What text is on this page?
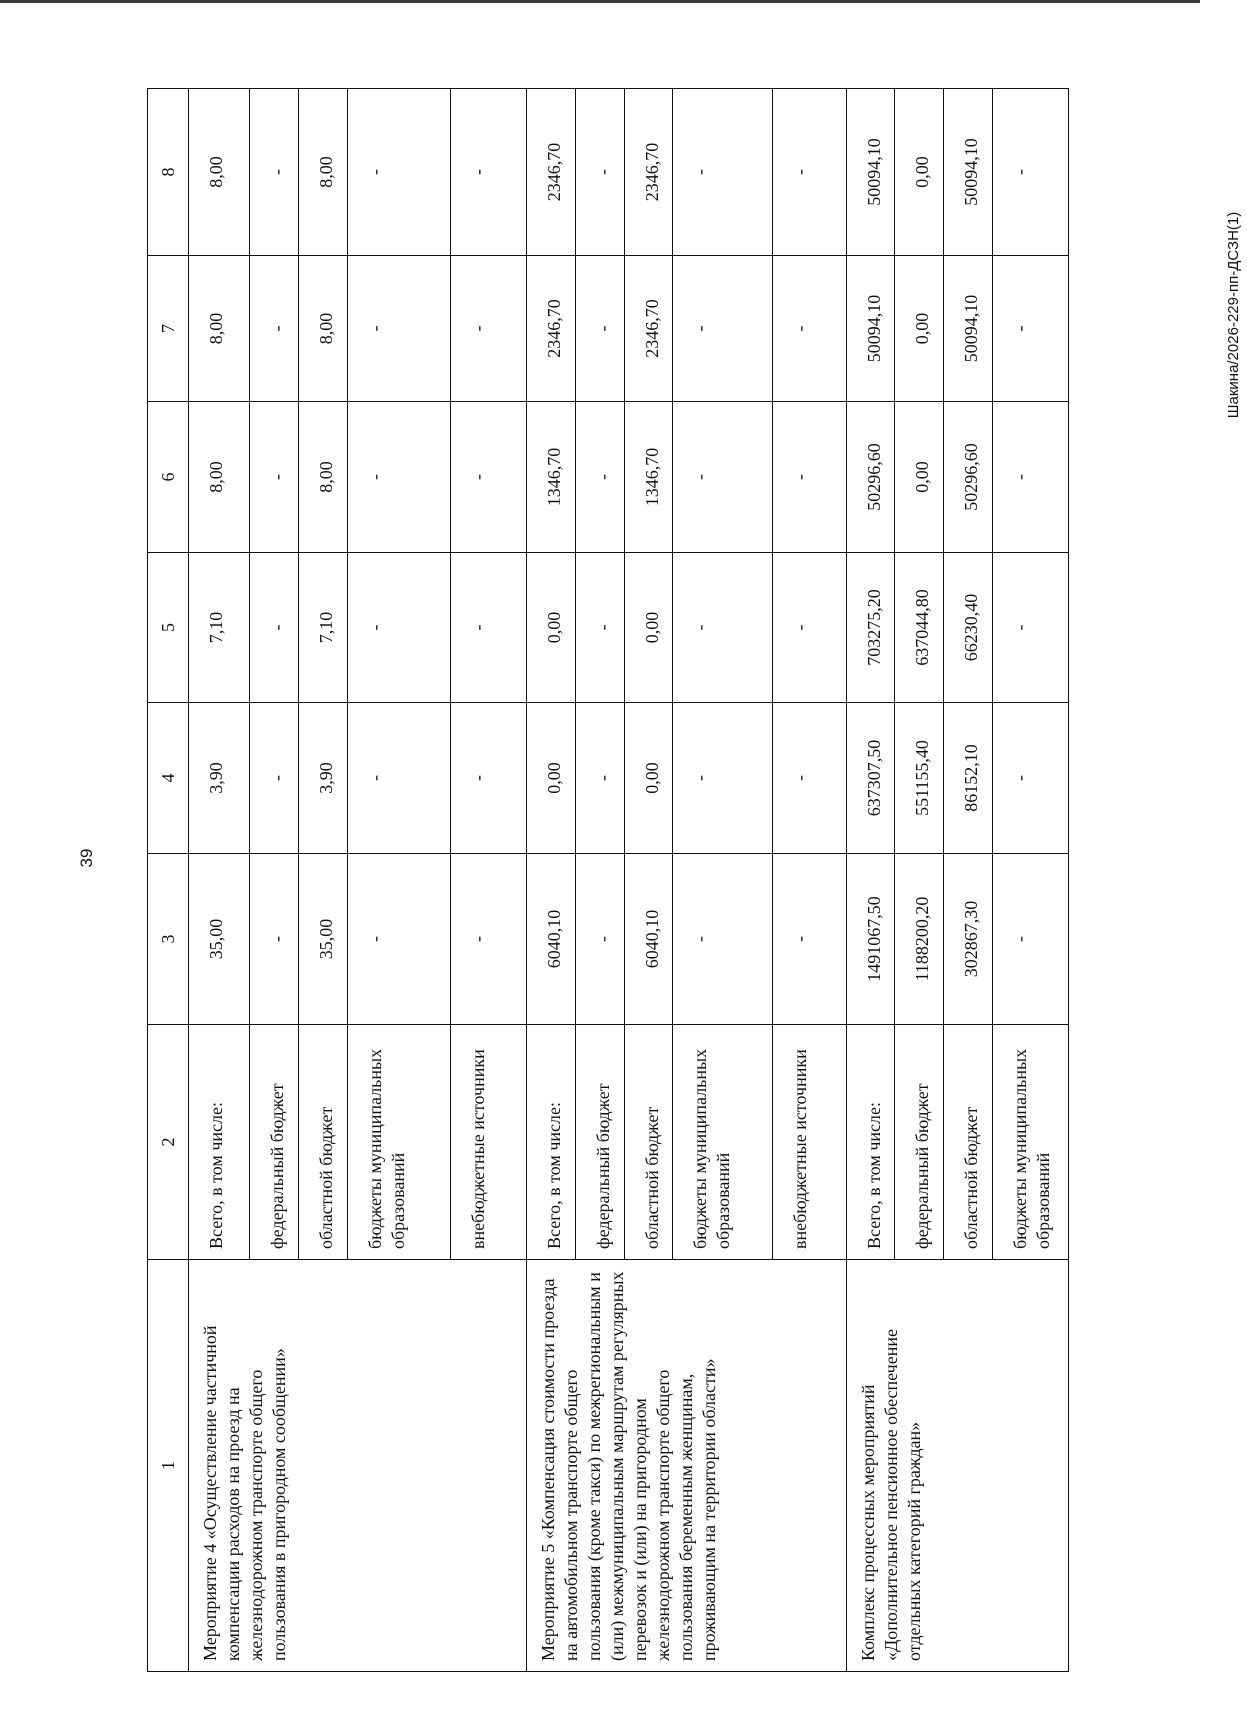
39
1	2	3	4	5	6	7	8
Мероприятие 4 «Осуществление частичной компенсации расходов на проезд на железнодорожном транспорте общего пользования в пригородном сообщении»	Всего, в том числе:	35,00	3,90	7,10	8,00	8,00	8,00
	федеральный бюджет	-	-	-	-	-	-
	областной бюджет	35,00	3,90	7,10	8,00	8,00	8,00
	бюджеты муниципальных образований	-	-	-	-	-	-
	внебюджетные источники	-	-	-	-	-	-
Мероприятие 5 «Компенсация стоимости проезда на автомобильном транспорте общего пользования (кроме такси) по межрегиональным и (или) межмуниципальным маршрутам регулярных перевозок и (или) на пригородном железнодорожном транспорте общего пользования беременным женщинам, проживающим на территории области»	Всего, в том числе:	6040,10	0,00	0,00	1346,70	2346,70	2346,70
	федеральный бюджет	-	-	-	-	-	-
	областной бюджет	6040,10	0,00	0,00	1346,70	2346,70	2346,70
	бюджеты муниципальных образований	-	-	-	-	-	-
	внебюджетные источники	-	-	-	-	-	-
Комплекс процессных мероприятий «Дополнительное пенсионное обеспечение отдельных категорий граждан»	Всего, в том числе:	1491067,50	637307,50	703275,20	50296,60	50094,10	50094,10
	федеральный бюджет	1188200,20	551155,40	637044,80	0,00	0,00	0,00
	областной бюджет	302867,30	86152,10	66230,40	50296,60	50094,10	50094,10
	бюджеты муниципальных образований	-	-	-	-	-	-
Шакина/2026-229-пп-ДСЗН(1)
